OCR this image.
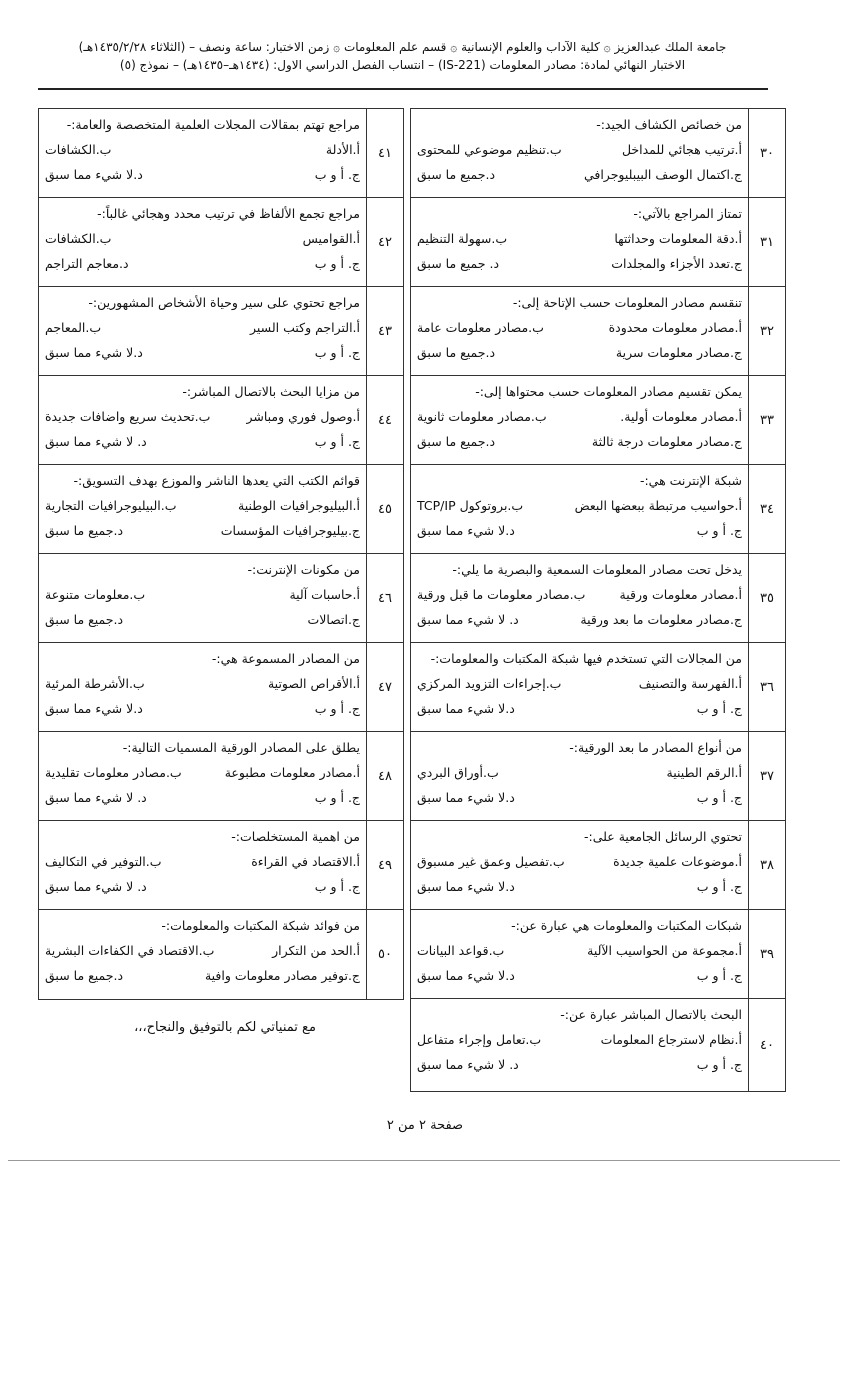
جامعة الملك عبدالعزيز ۞ كلية الآداب والعلوم الإنسانية ۞ قسم علم المعلومات ۞ زمن الاختبار: ساعة ونصف – (الثلاثاء ١٤٣٥/٢/٢٨هـ)
الاختبار النهائي لمادة: مصادر المعلومات (IS-221) – انتساب الفصل الدراسي الاول: (١٤٣٤هـ–١٤٣٥هـ) – نموذج (٥)
٣٠
من خصائص الكشاف الجيد:-
أ.ترتيب هجائي للمداخل
ب.تنظيم موضوعي للمحتوى
ج.اكتمال الوصف البيبليوجرافي
د.جميع ما سبق
٣١
تمتاز المراجع بالآتي:-
أ.دقة المعلومات وحداثتها
ب.سهولة التنظيم
ج.تعدد الأجزاء والمجلدات
د. جميع ما سبق
٣٢
تنقسم مصادر المعلومات حسب الإتاحة إلى:-
أ.مصادر معلومات محدودة
ب.مصادر معلومات عامة
ج.مصادر معلومات سرية
د.جميع ما سبق
٣٣
يمكن تقسيم مصادر المعلومات حسب محتواها إلى:-
أ.مصادر معلومات أولية.
ب.مصادر معلومات ثانوية
ج.مصادر معلومات درجة ثالثة
د.جميع ما سبق
٣٤
شبكة الإنترنت هي:-
أ.حواسيب مرتبطة ببعضها البعض
ب.بروتوكول TCP/IP
ج. أ و ب
د.لا شيء مما سبق
٣٥
يدخل تحت مصادر المعلومات السمعية والبصرية ما يلي:-
أ.مصادر معلومات ورقية
ب.مصادر معلومات ما قبل ورقية
ج.مصادر معلومات ما بعد ورقية
د. لا شيء مما سبق
٣٦
من المجالات التي تستخدم فيها شبكة المكتبات والمعلومات:-
أ.الفهرسة والتصنيف
ب.إجراءات التزويد المركزي
ج. أ و ب
د.لا شيء مما سبق
٣٧
من أنواع المصادر ما بعد الورقية:-
أ.الرقم الطينية
ب.أوراق البردي
ج. أ و ب
د.لا شيء مما سبق
٣٨
تحتوي الرسائل الجامعية على:-
أ.موضوعات علمية جديدة
ب.تفصيل وعمق غير مسبوق
ج. أ و ب
د.لا شيء مما سبق
٣٩
شبكات المكتبات والمعلومات هي عبارة عن:-
أ.مجموعة من الحواسيب الآلية
ب.قواعد البيانات
ج. أ و ب
د.لا شيء مما سبق
٤٠
البحث بالاتصال المباشر عبارة عن:-
أ.نظام لاسترجاع المعلومات
ب.تعامل وإجراء متفاعل
ج. أ و ب
د. لا شيء مما سبق
٤١
مراجع تهتم بمقالات المجلات العلمية المتخصصة والعامة:-
أ.الأدلة
ب.الكشافات
ج. أ و ب
د.لا شيء مما سبق
٤٢
مراجع تجمع الألفاظ في ترتيب محدد وهجائي غالباً:-
أ.القواميس
ب.الكشافات
ج. أ و ب
د.معاجم التراجم
٤٣
مراجع تحتوي على سير وحياة الأشخاص المشهورين:-
أ.التراجم وكتب السير
ب.المعاجم
ج. أ و ب
د.لا شيء مما سبق
٤٤
من مزايا البحث بالاتصال المباشر:-
أ.وصول فوري ومباشر
ب.تحديث سريع واضافات جديدة
ج. أ و ب
د. لا شيء مما سبق
٤٥
قوائم الكتب التي يعدها الناشر والموزع بهدف التسويق:-
أ.البيليوجرافيات الوطنية
ب.البيليوجرافيات التجارية
ج.بيليوجرافيات المؤسسات
د.جميع ما سبق
٤٦
من مكونات الإنترنت:-
أ.حاسبات آلية
ب.معلومات متنوعة
ج.اتصالات
د.جميع ما سبق
٤٧
من المصادر المسموعة هي:-
أ.الأقراص الصوتية
ب.الأشرطة المرئية
ج. أ و ب
د.لا شيء مما سبق
٤٨
يطلق على المصادر الورقية المسميات التالية:-
أ.مصادر معلومات مطبوعة
ب.مصادر معلومات تقليدية
ج. أ و ب
د. لا شيء مما سبق
٤٩
من اهمية المستخلصات:-
أ.الاقتصاد في القراءة
ب.التوفير في التكاليف
ج. أ و ب
د. لا شيء مما سبق
٥٠
من فوائد شبكة المكتبات والمعلومات:-
أ.الحد من التكرار
ب.الاقتصاد في الكفاءات البشرية
ج.توفير مصادر معلومات وافية
د.جميع ما سبق
مع تمنياتي لكم بالتوفيق والنجاح،،،
صفحة ٢ من ٢
